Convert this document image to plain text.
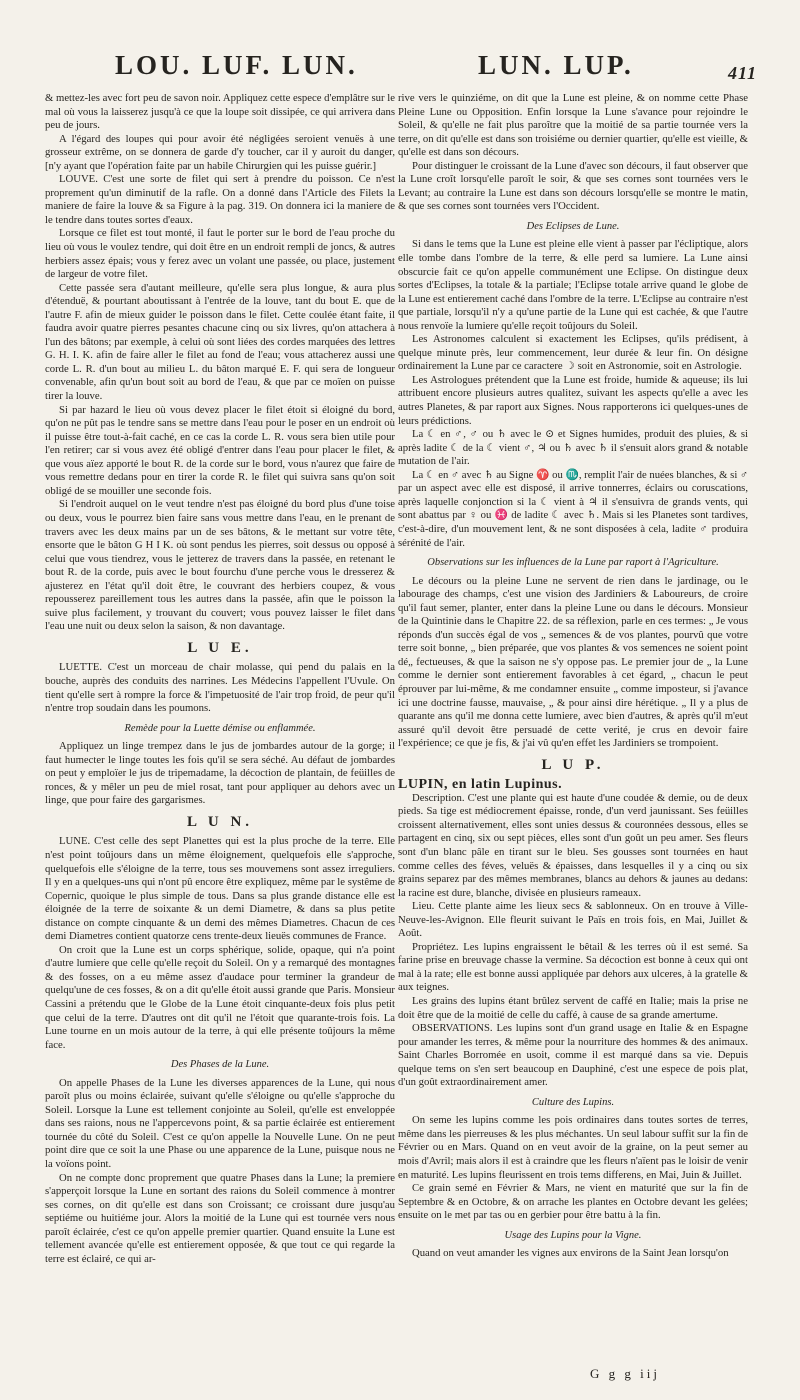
LOU. LUF. LUN.	LUN. LUP.	411

& mettez-les avec fort peu de savon noir. Appliquez cette espece d'emplâtre sur le mal où vous la laisserez jusqu'à ce que la loupe soit dissipée, ce qui arrivera dans peu de jours.

A l'égard des loupes qui pour avoir été négligées seroient venuës à une grosseur extrême, on se donnera de garde d'y toucher, car il y auroit du danger, [n'y ayant que l'opération faite par un habile Chirurgien qui les puisse guérir.]

LOUVE. C'est une sorte de filet qui sert à prendre du poisson. Ce n'est proprement qu'un diminutif de la rafle. On a donné dans l'Article des Filets la maniere de faire la louve & sa Figure à la pag. 319. On donnera ici la maniere de le tendre dans toutes sortes d'eaux.

Lorsque ce filet est tout monté, il faut le porter sur le bord de l'eau proche du lieu où vous le voulez tendre, qui doit être en un endroit rempli de joncs, & autres herbiers assez épais; vous y ferez avec un volant une passée, ou place, justement de largeur de votre filet.

Cette passée sera d'autant meilleure, qu'elle sera plus longue, & aura plus d'étenduë, & pourtant aboutissant à l'entrée de la louve, tant du bout E. que de l'autre F. afin de mieux guider le poisson dans le filet. Cette coulée étant faite, il faudra avoir quatre pierres pesantes chacune cinq ou six livres, qu'on attachera à l'un des bâtons; par exemple, à celui où sont liées des cordes marquées des lettres G. H. I. K. afin de faire aller le filet au fond de l'eau; vous attacherez aussi une corde L. R. d'un bout au milieu L. du bâton marqué E. F. qui sera de longueur convenable, afin qu'un bout soit au bord de l'eau, & que par ce moïen on puisse tirer la louve.

Si par hazard le lieu où vous devez placer le filet étoit si éloigné du bord, qu'on ne pût pas le tendre sans se mettre dans l'eau pour le poser en un endroit où il puisse être tout-à-fait caché, en ce cas la corde L. R. vous sera bien utile pour l'en retirer; car si vous avez été obligé d'entrer dans l'eau pour placer le filet, & que vous aïez apporté le bout R. de la corde sur le bord, vous n'aurez que faire de vous remettre dedans pour en tirer la corde R. le filet qui suivra sans qu'on soit obligé de se mouiller une seconde fois.

Si l'endroit auquel on le veut tendre n'est pas éloigné du bord plus d'une toise ou deux, vous le pourrez bien faire sans vous mettre dans l'eau, en le prenant de travers avec les deux mains par un de ses bâtons, & le mettant sur votre tête, ensorte que le bâton G H I K. où sont pendus les pierres, soit dessus ou opposé à celui que vous tiendrez, vous le jetterez de travers dans la passée, en retenant le bout R. de la corde, puis avec le bout fourchu d'une perche vous le dresserez & ajusterez en l'état qu'il doit être, le couvrant des herbiers coupez, & vous repousserez pareillement tous les autres dans la passée, afin que le poisson la suive plus facilement, y trouvant du couvert; vous pouvez laisser le filet dans l'eau une nuit ou deux selon la saison, & non davantage.

L U E.

LUETTE. C'est un morceau de chair molasse, qui pend du palais en la bouche, auprès des conduits des narrines. Les Médecins l'appellent l'Uvule. On tient qu'elle sert à rompre la force & l'impetuosité de l'air trop froid, de peur qu'il n'entre trop soudain dans les poumons.

Remède pour la Luette démise ou enflammée.

Appliquez un linge trempez dans le jus de jombardes autour de la gorge; il faut humecter le linge toutes les fois qu'il se sera séché. Au défaut de jombardes on peut y emploïer le jus de tripemadame, la décoction de plantain, de feüilles de ronces, & y mêler un peu de miel rosat, tant pour appliquer au dehors avec un linge, que pour faire des gargarismes.

L U N.

LUNE. C'est celle des sept Planettes qui est la plus proche de la terre. Elle n'est point toûjours dans un même éloignement, quelquefois elle s'approche, quelquefois elle s'éloigne de la terre, tous ses mouvemens sont assez irreguliers. Il y en a quelques-uns qui n'ont pû encore être expliquez, même par le systême de Copernic, quoique le plus simple de tous. Dans sa plus grande distance elle est éloignée de la terre de soixante & un demi Diametre, & dans sa plus petite distance on compte cinquante & un demi des mêmes Diametres. Chacun de ces demi Diametres contient quatorze cens trente-deux lieuës communes de France.

On croit que la Lune est un corps sphérique, solide, opaque, qui n'a point d'autre lumiere que celle qu'elle reçoit du Soleil. On y a remarqué des montagnes & des fosses, on a eu même assez d'audace pour terminer la grandeur de quelqu'une de ces fosses, & on a dit qu'elle étoit aussi grande que Paris. Monsieur Cassini a prétendu que le Globe de la Lune étoit cinquante-deux fois plus petit que celui de la terre. D'autres ont dit qu'il ne l'étoit que quarante-trois fois. La Lune tourne en un mois autour de la terre, à qui elle présente toûjours la même face.

Des Phases de la Lune.

On appelle Phases de la Lune les diverses apparences de la Lune, qui nous paroît plus ou moins éclairée, suivant qu'elle s'éloigne ou qu'elle s'approche du Soleil. Lorsque la Lune est tellement conjointe au Soleil, qu'elle est enveloppée dans ses raions, nous ne l'appercevons point, & sa partie éclairée est entierement tournée du côté du Soleil. C'est ce qu'on appelle la Nouvelle Lune. On ne peut point dire que ce soit la une Phase ou une apparence de la Lune, puisque nous ne la voïons point.

On ne compte donc proprement que quatre Phases dans la Lune; la premiere s'apperçoit lorsque la Lune en sortant des raions du Soleil commence à montrer ses cornes, on dit qu'elle est dans son Croissant; ce croissant dure jusqu'au septiéme ou huitiéme jour. Alors la moitié de la Lune qui est tournée vers nous paroît éclairée, c'est ce qu'on appelle premier quartier. Quand ensuite la Lune est tellement avancée qu'elle est entierement opposée, & que tout ce qui regarde la terre est éclairé, ce qui ar-

rive vers le quinziéme, on dit que la Lune est pleine, & on nomme cette Phase Pleine Lune ou Opposition. Enfin lorsque la Lune s'avance pour rejoindre le Soleil, & qu'elle ne fait plus paroître que la moitié de sa partie tournée vers la terre, on dit qu'elle est dans son troisiéme ou dernier quartier, qu'elle est vieille, & qu'elle est dans son décours.

Pour distinguer le croissant de la Lune d'avec son décours, il faut observer que la Lune croît lorsqu'elle paroît le soir, & que ses cornes sont tournées vers le Levant; au contraire la Lune est dans son décours lorsqu'elle se montre le matin, & que ses cornes sont tournées vers l'Occident.

Des Eclipses de Lune.

Si dans le tems que la Lune est pleine elle vient à passer par l'écliptique, alors elle tombe dans l'ombre de la terre, & elle perd sa lumiere. La Lune ainsi obscurcie fait ce qu'on appelle communément une Eclipse. On distingue deux sortes d'Eclipses, la totale & la partiale; l'Eclipse totale arrive quand le globe de la Lune est entierement caché dans l'ombre de la terre. L'Eclipse au contraire n'est que partiale, lorsqu'il n'y a qu'une partie de la Lune qui est cachée, & que l'autre nous renvoïe la lumiere qu'elle reçoit toûjours du Soleil.

Les Astronomes calculent si exactement les Eclipses, qu'ils prédisent, à quelque minute près, leur commencement, leur durée & leur fin. On désigne ordinairement la Lune par ce caractere ☽ soit en Astronomie, soit en Astrologie.

Les Astrologues prétendent que la Lune est froide, humide & aqueuse; ils lui attribuent encore plusieurs autres qualitez, suivant les aspects qu'elle a avec les autres Planetes, & par raport aux Signes. Nous rapporterons ici quelques-unes de leurs prédictions.

La ☾ en ♂, ♂ ou ♄ avec le ⊙ et Signes humides, produit des pluies, & si après ladite ☾ de la ☾ vient ♂, ♃ ou ♄ avec ♄ il s'ensuit alors grand & notable mutation de l'air.

La ☾ en ♂ avec ♄ au Signe ♈ ou ♏, remplit l'air de nuées blanches, & si ♂ par un aspect avec elle est disposé, il arrive tonnerres, éclairs ou coruscations, après laquelle conjonction si la ☾ vient à ♃ il s'ensuivra de grands vents, qui sont abattus par ♀ ou ♓ de ladite ☾ avec ♄. Mais si les Planetes sont tardives, c'est-à-dire, d'un mouvement lent, & ne sont disposées à cela, ladite ♂ produira sérénité de l'air.

Observations sur les influences de la Lune par raport à l'Agriculture.

Le décours ou la pleine Lune ne servent de rien dans le jardinage, ou le labourage des champs, c'est une vision des Jardiniers & Laboureurs, de croire qu'il faut semer, planter, enter dans la pleine Lune ou dans le décours. Monsieur de la Quintinie dans le Chapitre 22. de sa réflexion, parle en ces termes: „ Je vous réponds d'un succès égal de vos „ semences & de vos plantes, pourvû que votre terre soit bonne, „ bien préparée, que vos plantes & vos semences ne soient point dé„ fectueuses, & que la saison ne s'y oppose pas. Le premier jour de „ la Lune comme le dernier sont entierement favorables à cet égard, „ chacun le peut éprouver par lui-même, & me condamner ensuite „ comme imposteur, si j'avance ici une doctrine fausse, mauvaise, „ & pour ainsi dire hérétique. „ Il y a plus de quarante ans qu'il me donna cette lumiere, avec bien d'autres, & après qu'il m'eut assuré qu'il devoit être persuadé de cette verité, je crus en devoir faire l'expérience; ce que je fis, & j'ai vû qu'en effet les Jardiniers se trompoient.

L U P.

LUPIN, en latin Lupinus.

Description. C'est une plante qui est haute d'une coudée & demie, ou de deux pieds. Sa tige est médiocrement épaisse, ronde, d'un verd jaunissant. Ses feüilles croissent alternativement, elles sont unies dessus & couronnées dessous, elles se partagent en cinq, six ou sept pièces, elles sont d'un goût un peu amer. Ses fleurs sont d'un blanc pâle en tirant sur le bleu. Ses gousses sont tournées en haut comme celles des féves, veluës & épaisses, dans lesquelles il y a cinq ou six grains separez par des mêmes membranes, blancs au dehors & jaunes au dedans: la racine est dure, blanche, divisée en plusieurs rameaux.

Lieu. Cette plante aime les lieux secs & sablonneux. On en trouve à Ville-Neuve-les-Avignon. Elle fleurit suivant le Païs en trois fois, en Mai, Juillet & Août.

Propriétez. Les lupins engraissent le bêtail & les terres où il est semé. Sa farine prise en breuvage chasse la vermine. Sa décoction est bonne à ceux qui ont mal à la rate; elle est bonne aussi appliquée par dehors aux ulceres, à la gratelle & aux teignes.

Les grains des lupins étant brûlez servent de caffé en Italie; mais la prise ne doit être que de la moitié de celle du caffé, à cause de sa grande amertume.

OBSERVATIONS. Les lupins sont d'un grand usage en Italie & en Espagne pour amander les terres, & même pour la nourriture des hommes & des animaux. Saint Charles Borromée en usoit, comme il est marqué dans sa vie. Depuis quelque tems on s'en sert beaucoup en Dauphiné, c'est une espece de pois plat, d'un goût extraordinairement amer.

Culture des Lupins.

On seme les lupins comme les pois ordinaires dans toutes sortes de terres, même dans les pierreuses & les plus méchantes. Un seul labour suffit sur la fin de Février ou en Mars. Quand on en veut avoir de la graine, on la peut semer au mois d'Avril; mais alors il est à craindre que les fleurs n'aïent pas le loisir de venir en maturité. Les lupins fleurissent en trois tems differens, en Mai, Juin & Juillet.

Ce grain semé en Février & Mars, ne vient en maturité que sur la fin de Septembre & en Octobre, & on arrache les plantes en Octobre devant les gelées; ensuite on le met par tas ou en gerbier pour être battu à la fin.

Usage des Lupins pour la Vigne.

Quand on veut amander les vignes aux environs de la Saint Jean lorsqu'on

G g g iij
